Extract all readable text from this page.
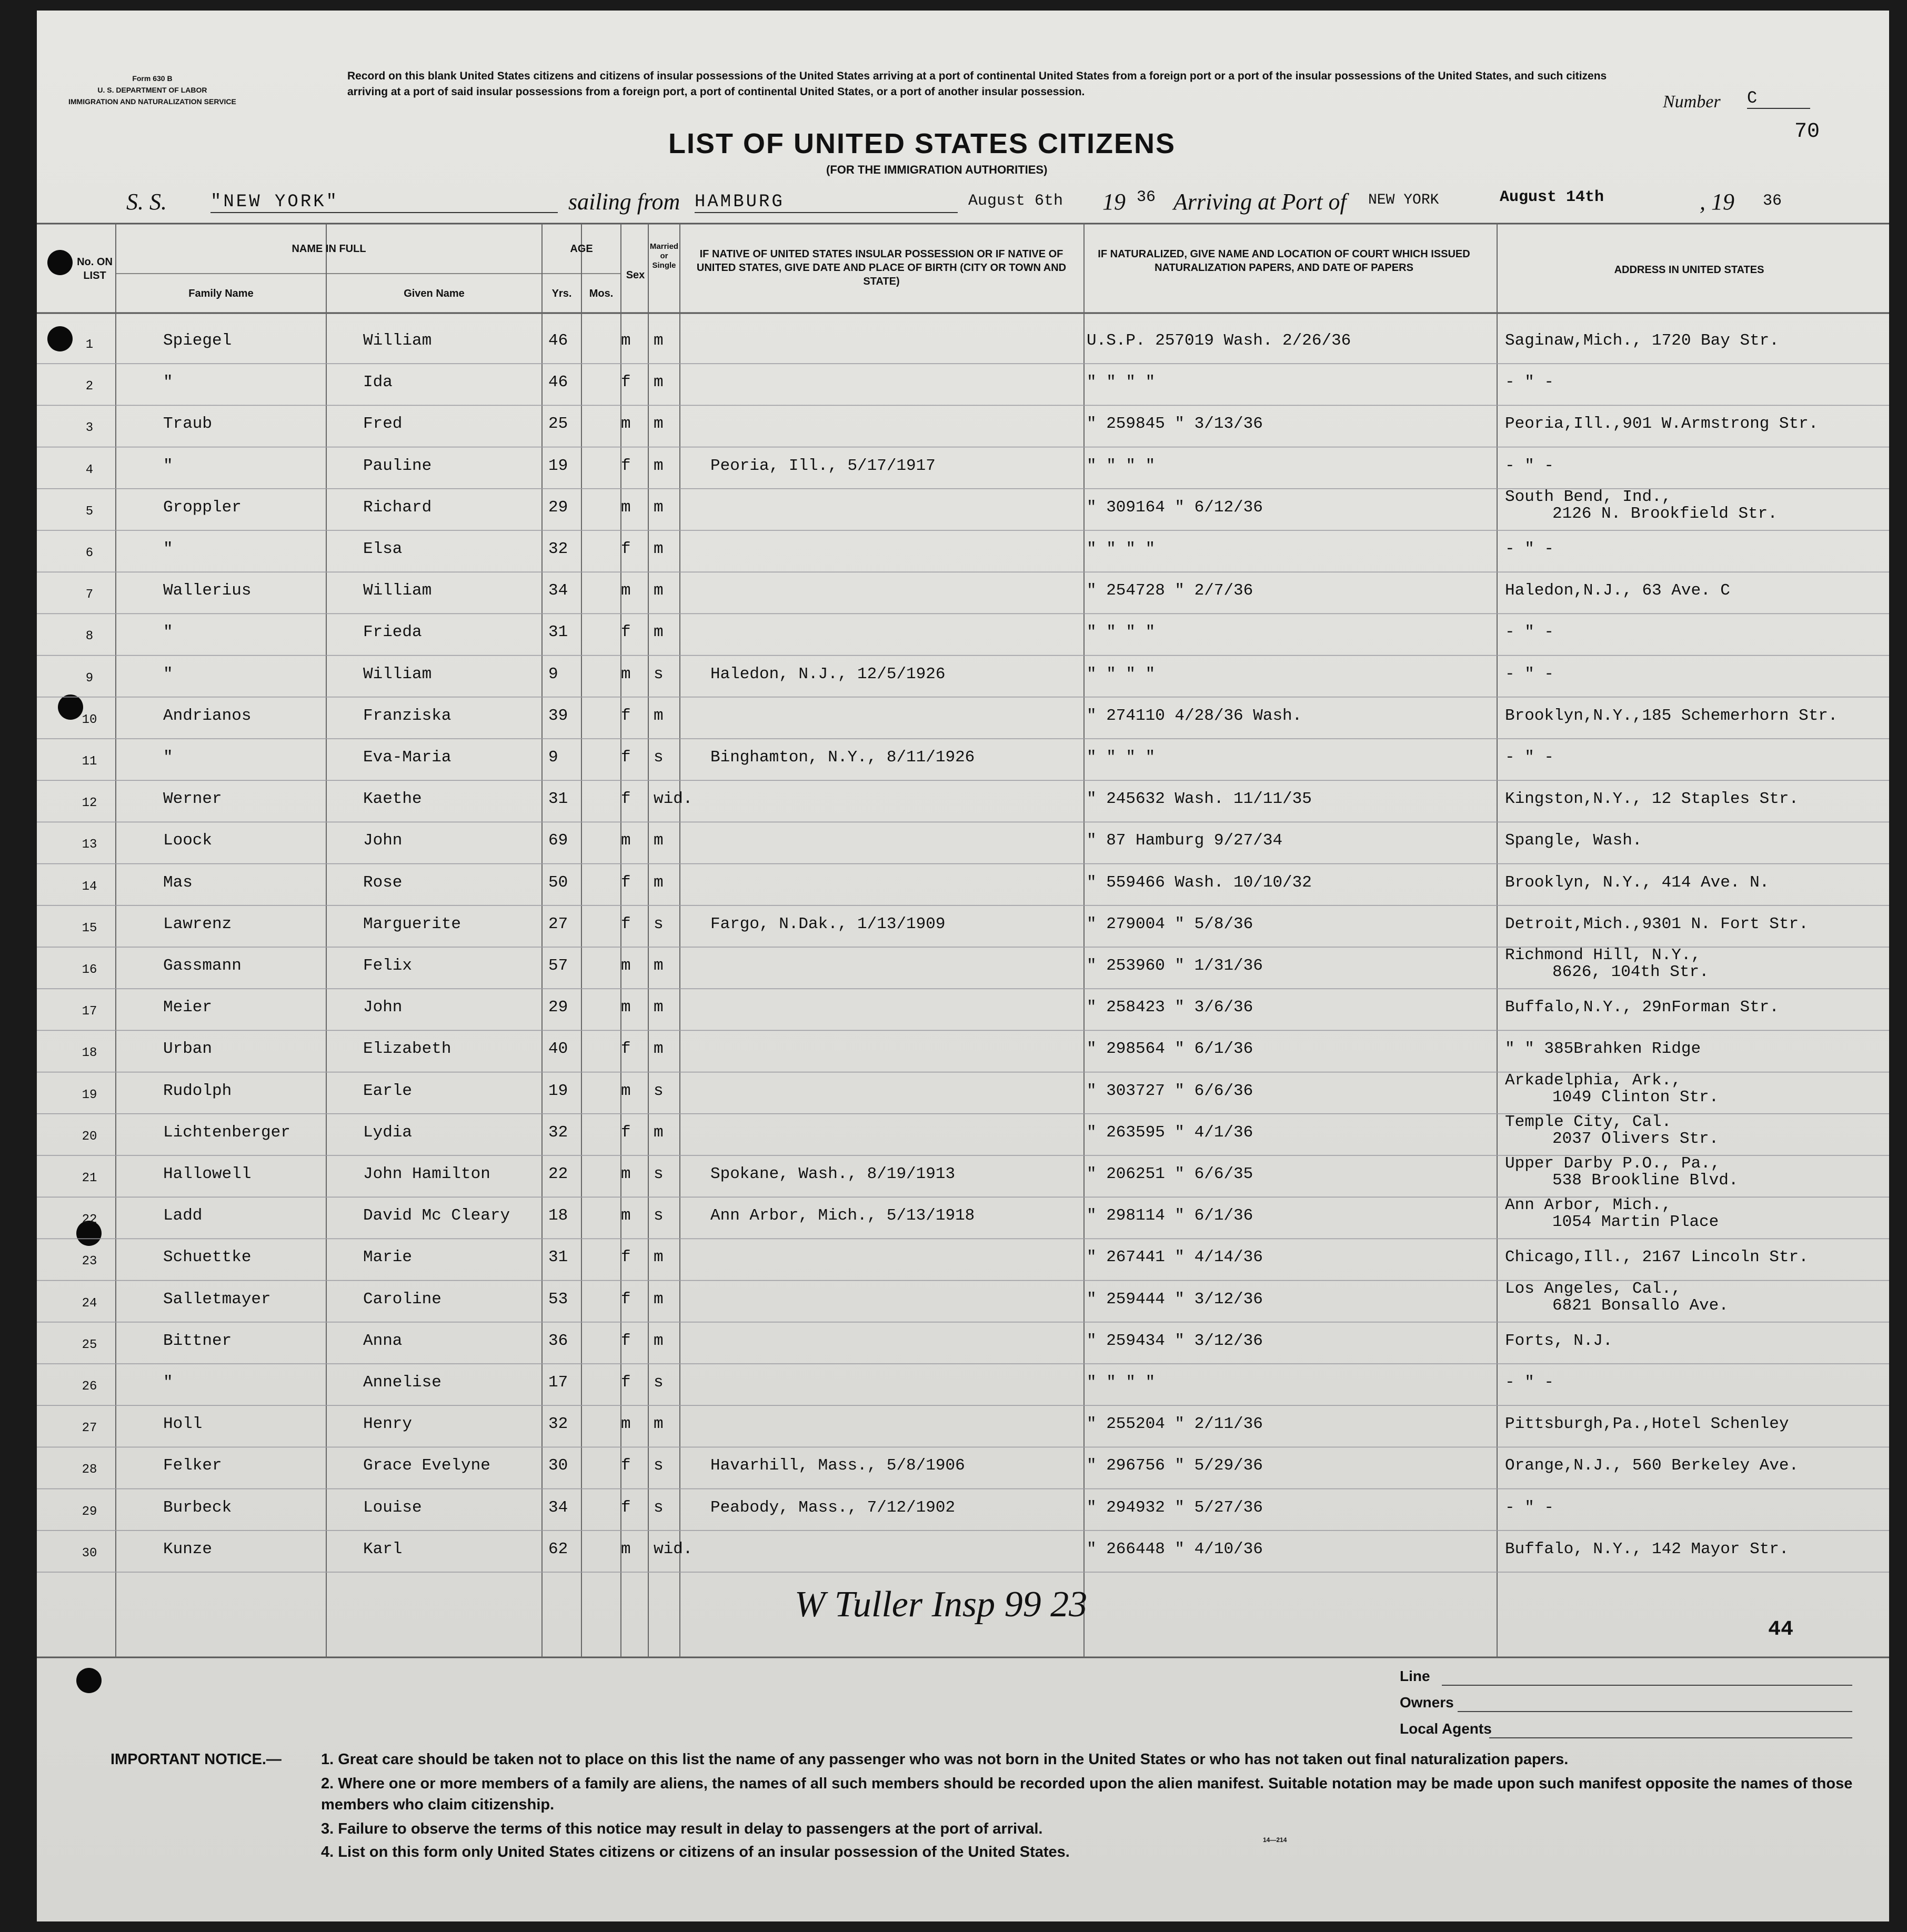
Form 630 B
U. S. DEPARTMENT OF LABOR
IMMIGRATION AND NATURALIZATION SERVICE
Record on this blank United States citizens and citizens of insular possessions of the United States arriving at a port of continental United States from a foreign port or a port of the insular possessions of the United States, and such citizens arriving at a port of said insular possessions from a foreign port, a port of continental United States, or a port of another insular possession.
Number C
70
LIST OF UNITED STATES CITIZENS
(FOR THE IMMIGRATION AUTHORITIES)
S. S. "NEW YORK"	sailing from HAMBURG	August 6th 19 36 Arriving at Port of NEW YORK	August 14th	, 19 36
No. ON LIST
NAME IN FULL
Family Name	Given Name
AGE
Yrs.	Mos.
Sex
Married or Single
IF NATIVE OF UNITED STATES INSULAR POSSESSION OR IF NATIVE OF UNITED STATES, GIVE DATE AND PLACE OF BIRTH (CITY OR TOWN AND STATE)
IF NATURALIZED, GIVE NAME AND LOCATION OF COURT WHICH ISSUED NATURALIZATION PAPERS, AND DATE OF PAPERS	ADDRESS IN UNITED STATES
1	Spiegel	William	46	m m	U.S.P. 257019 Wash. 2/26/36	Saginaw,Mich., 1720 Bay Str.
2	"	Ida	46	f m	" " " "	- " -
3	Traub	Fred	25	m m	" 259845 " 3/13/36	Peoria,Ill.,901 W.Armstrong Str.
4	"	Pauline	19	f m	Peoria, Ill., 5/17/1917	" " " "	- " -
5	Groppler	Richard	29	m m	" 309164 " 6/12/36
South Bend, Ind.,
2126 N. Brookfield Str.
6	"	Elsa	32	f m	" " " "	- " -
7	Wallerius	William	34	m m	" 254728 " 2/7/36	Haledon,N.J., 63 Ave. C
8	"	Frieda	31	f m	" " " "	- " -
9	"	William	9	m s	Haledon, N.J., 12/5/1926	" " " "	- " -
10	Andrianos	Franziska	39	f m	" 274110 4/28/36 Wash.	Brooklyn,N.Y.,185 Schemerhorn Str.
11	"	Eva-Maria	9	f s	Binghamton, N.Y., 8/11/1926	" " " "	- " -
12	Werner	Kaethe	31	f wid.	" 245632 Wash. 11/11/35	Kingston,N.Y., 12 Staples Str.
13	Loock	John	69	m m	" 87 Hamburg 9/27/34	Spangle, Wash.
14	Mas	Rose	50	f m	" 559466 Wash. 10/10/32	Brooklyn, N.Y., 414 Ave. N.
15	Lawrenz	Marguerite	27	f s	Fargo, N.Dak., 1/13/1909	" 279004 " 5/8/36	Detroit,Mich.,9301 N. Fort Str.
16	Gassmann	Felix	57	m m	" 253960 " 1/31/36
Richmond Hill, N.Y.,
8626, 104th Str.
17	Meier	John	29	m m	" 258423 " 3/6/36	Buffalo,N.Y., 29nForman Str.
18	Urban	Elizabeth	40	f m	" 298564 " 6/1/36	" " 385Brahken Ridge
19	Rudolph	Earle	19	m s	" 303727 " 6/6/36
Arkadelphia, Ark.,
1049 Clinton Str.
20	Lichtenberger	Lydia	32	f m	" 263595 " 4/1/36
Temple City, Cal.
2037 Olivers Str.
21	Hallowell	John Hamilton	22	m s	Spokane, Wash., 8/19/1913	" 206251 " 6/6/35
Upper Darby P.O., Pa.,
538 Brookline Blvd.
22	Ladd	David Mc Cleary 18	m s	Ann Arbor, Mich., 5/13/1918	" 298114 " 6/1/36
Ann Arbor, Mich.,
1054 Martin Place
23	Schuettke	Marie	31	f m	" 267441 " 4/14/36	Chicago,Ill., 2167 Lincoln Str.
24	Salletmayer	Caroline	53	f m	" 259444 " 3/12/36
Los Angeles, Cal.,
6821 Bonsallo Ave.
25	Bittner	Anna	36	f m	" 259434 " 3/12/36	Forts, N.J.
26	"	Annelise	17	f s	" " " "	- " -
27	Holl	Henry	32	m m	" 255204 " 2/11/36	Pittsburgh,Pa.,Hotel Schenley
28	Felker	Grace Evelyne	30	f s	Havarhill, Mass., 5/8/1906	" 296756 " 5/29/36	Orange,N.J., 560 Berkeley Ave.
29	Burbeck	Louise	34	f s	Peabody, Mass., 7/12/1902	" 294932 " 5/27/36	- " -
30	Kunze	Karl	62	m wid.	" 266448 " 4/10/36	Buffalo, N.Y., 142 Mayor Str.
W Tuller Insp 99 23
44
Line
Owners
Local Agents
IMPORTANT NOTICE.—	1. Great care should be taken not to place on this list the name of any passenger who was not born in the United States or who has not taken out final naturalization papers.
2. Where one or more members of a family are aliens, the names of all such members should be recorded upon the alien manifest. Suitable notation may be made upon such manifest opposite the names of those members who claim citizenship.
3. Failure to observe the terms of this notice may result in delay to passengers at the port of arrival.
4. List on this form only United States citizens or citizens of an insular possession of the United States.
14—214
